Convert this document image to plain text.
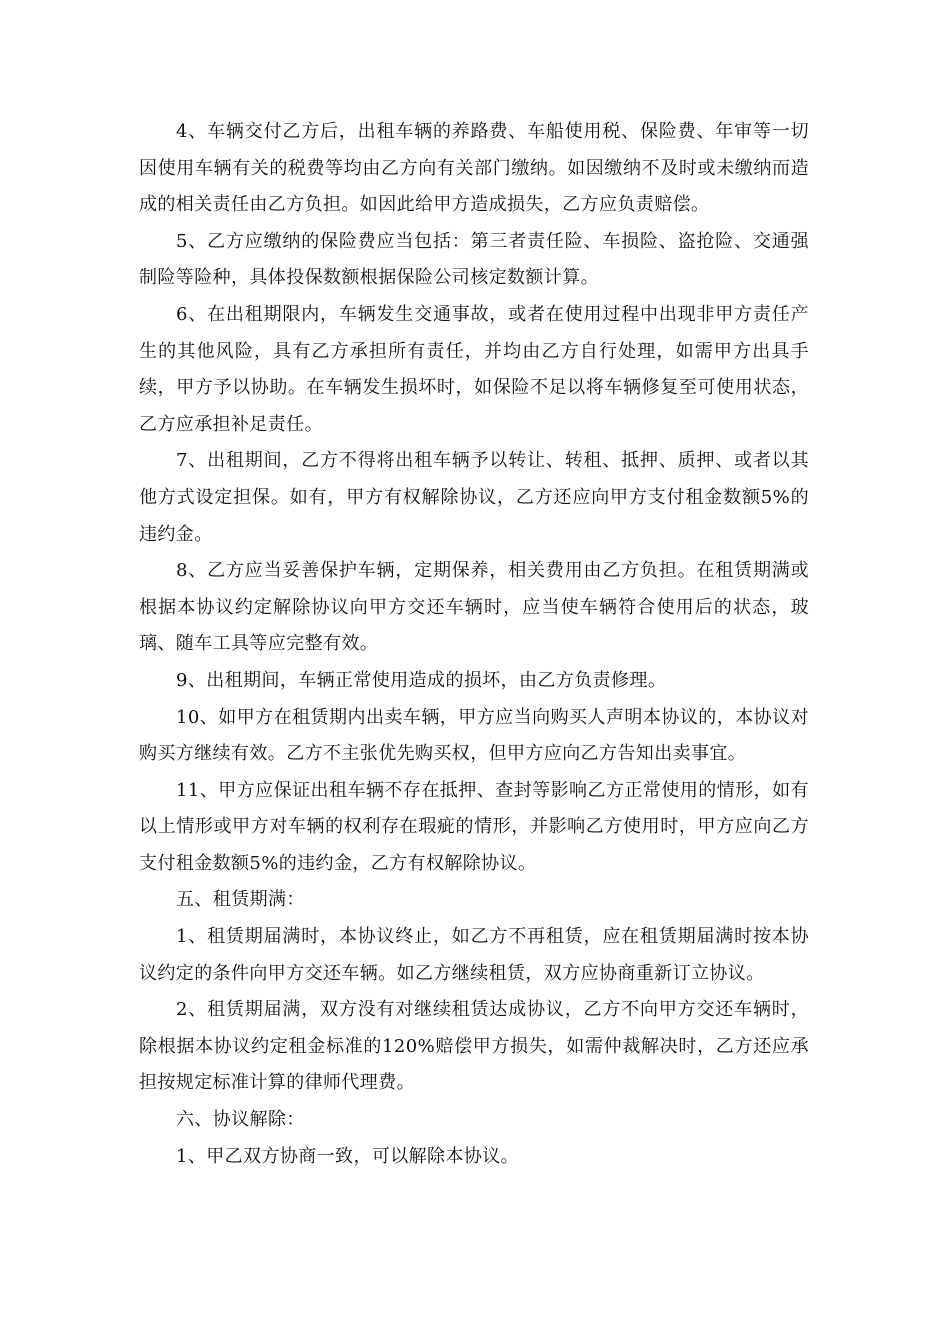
4、车辆交付乙方后，出租车辆的养路费、车船使用税、保险费、年审等一切因使用车辆有关的税费等均由乙方向有关部门缴纳。如因缴纳不及时或未缴纳而造成的相关责任由乙方负担。如因此给甲方造成损失，乙方应负责赔偿。

5、乙方应缴纳的保险费应当包括：第三者责任险、车损险、盗抢险、交通强制险等险种，具体投保数额根据保险公司核定数额计算。

6、在出租期限内，车辆发生交通事故，或者在使用过程中出现非甲方责任产生的其他风险，具有乙方承担所有责任，并均由乙方自行处理，如需甲方出具手续，甲方予以协助。在车辆发生损坏时，如保险不足以将车辆修复至可使用状态，乙方应承担补足责任。

7、出租期间，乙方不得将出租车辆予以转让、转租、抵押、质押、或者以其他方式设定担保。如有，甲方有权解除协议，乙方还应向甲方支付租金数额5%的违约金。

8、乙方应当妥善保护车辆，定期保养，相关费用由乙方负担。在租赁期满或根据本协议约定解除协议向甲方交还车辆时，应当使车辆符合使用后的状态，玻璃、随车工具等应完整有效。

9、出租期间，车辆正常使用造成的损坏，由乙方负责修理。

10、如甲方在租赁期内出卖车辆，甲方应当向购买人声明本协议的，本协议对购买方继续有效。乙方不主张优先购买权，但甲方应向乙方告知出卖事宜。

11、甲方应保证出租车辆不存在抵押、查封等影响乙方正常使用的情形，如有以上情形或甲方对车辆的权利存在瑕疵的情形，并影响乙方使用时，甲方应向乙方支付租金数额5%的违约金，乙方有权解除协议。

五、租赁期满：

1、租赁期届满时，本协议终止，如乙方不再租赁，应在租赁期届满时按本协议约定的条件向甲方交还车辆。如乙方继续租赁，双方应协商重新订立协议。

2、租赁期届满，双方没有对继续租赁达成协议，乙方不向甲方交还车辆时，除根据本协议约定租金标准的120%赔偿甲方损失，如需仲裁解决时，乙方还应承担按规定标准计算的律师代理费。

六、协议解除：

1、甲乙双方协商一致，可以解除本协议。
